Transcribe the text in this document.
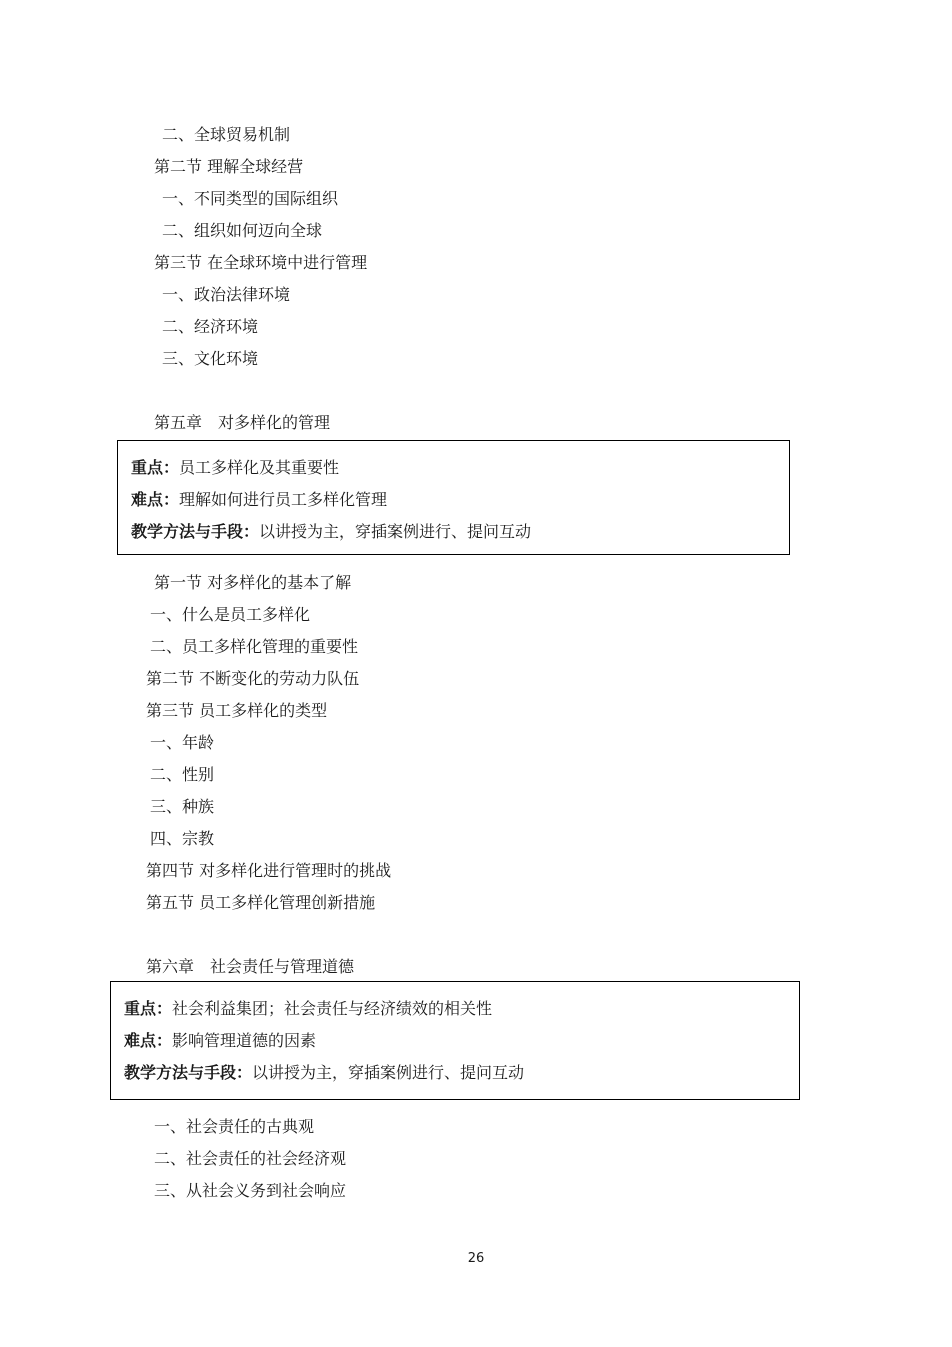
二、全球贸易机制
第二节 理解全球经营
一、不同类型的国际组织
二、组织如何迈向全球
第三节 在全球环境中进行管理
一、政治法律环境
二、经济环境
三、文化环境
第五章　对多样化的管理
重点：员工多样化及其重要性
难点：理解如何进行员工多样化管理
教学方法与手段：以讲授为主，穿插案例进行、提问互动
第一节 对多样化的基本了解
一、什么是员工多样化
二、员工多样化管理的重要性
第二节 不断变化的劳动力队伍
第三节 员工多样化的类型
一、年龄
二、性别
三、种族
四、宗教
第四节 对多样化进行管理时的挑战
第五节 员工多样化管理创新措施
第六章　社会责任与管理道德
重点：社会利益集团；社会责任与经济绩效的相关性
难点：影响管理道德的因素
教学方法与手段：以讲授为主，穿插案例进行、提问互动
一、社会责任的古典观
二、社会责任的社会经济观
三、从社会义务到社会响应
26
